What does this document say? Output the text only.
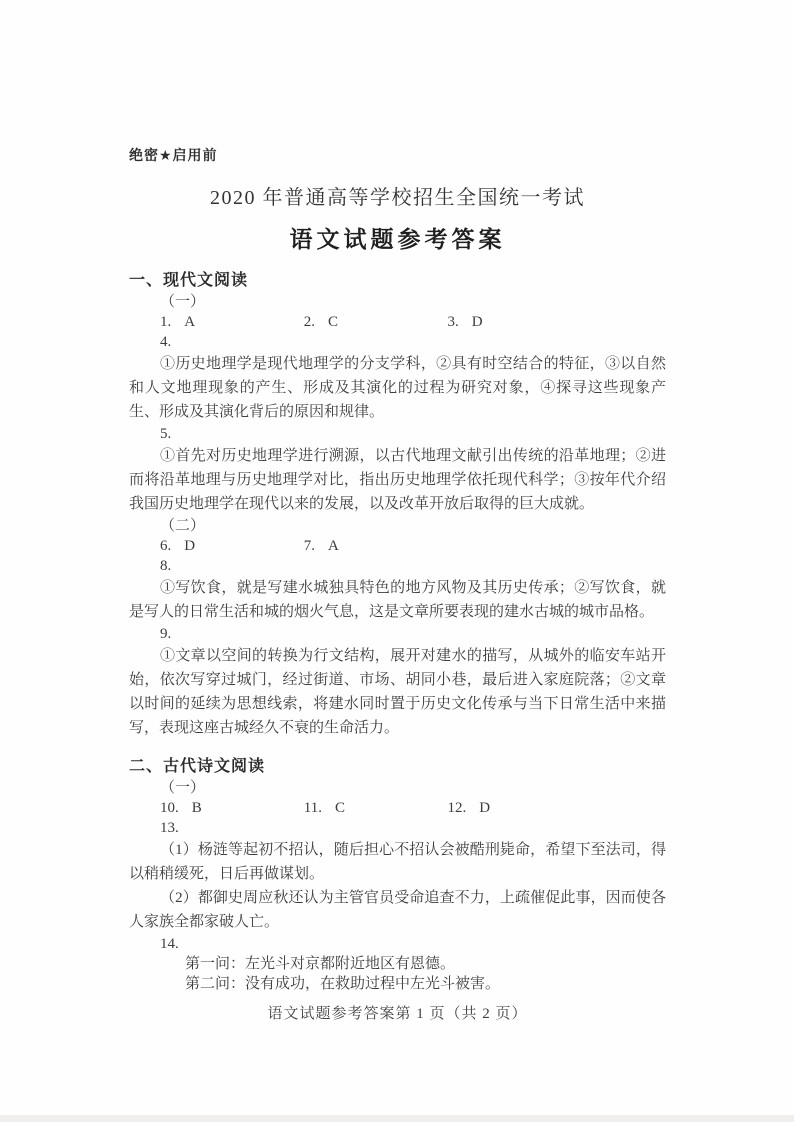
绝密★启用前
2020 年普通高等学校招生全国统一考试
语文试题参考答案
一、现代文阅读
（一）
1. A	2. C	3. D
4.

①历史地理学是现代地理学的分支学科，②具有时空结合的特征，③以自然和人文地理现象的产生、形成及其演化的过程为研究对象，④探寻这些现象产生、形成及其演化背后的原因和规律。

5.

①首先对历史地理学进行溯源，以古代地理文献引出传统的沿革地理；②进而将沿革地理与历史地理学对比，指出历史地理学依托现代科学；③按年代介绍我国历史地理学在现代以来的发展，以及改革开放后取得的巨大成就。

（二）
6. D	7. A
8.

①写饮食，就是写建水城独具特色的地方风物及其历史传承；②写饮食，就是写人的日常生活和城的烟火气息，这是文章所要表现的建水古城的城市品格。

9.

①文章以空间的转换为行文结构，展开对建水的描写，从城外的临安车站开始，依次写穿过城门，经过街道、市场、胡同小巷，最后进入家庭院落；②文章以时间的延续为思想线索，将建水同时置于历史文化传承与当下日常生活中来描写，表现这座古城经久不衰的生命活力。

二、古代诗文阅读
（一）
10. B	11. C	12. D
13.

（1）杨涟等起初不招认，随后担心不招认会被酷刑毙命，希望下至法司，得以稍稍缓死，日后再做谋划。

（2）都御史周应秋还认为主管官员受命追查不力，上疏催促此事，因而使各人家族全都家破人亡。

14.
第一问：左光斗对京都附近地区有恩德。
第二问：没有成功，在救助过程中左光斗被害。
语文试题参考答案第 1 页（共 2 页）
